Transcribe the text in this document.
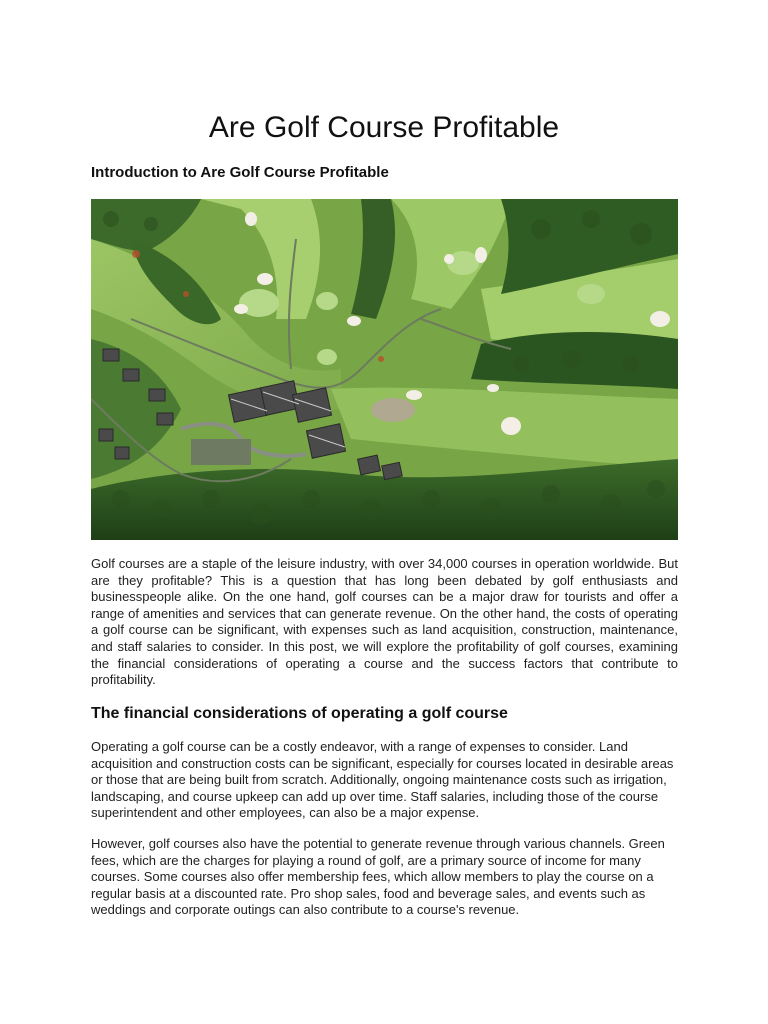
Are Golf Course Profitable
Introduction to Are Golf Course Profitable

Golf courses are a staple of the leisure industry, with over 34,000 courses in operation worldwide. But are they profitable? This is a question that has long been debated by golf enthusiasts and businesspeople alike. On the one hand, golf courses can be a major draw for tourists and offer a range of amenities and services that can generate revenue. On the other hand, the costs of operating a golf course can be significant, with expenses such as land acquisition, construction, maintenance, and staff salaries to consider. In this post, we will explore the profitability of golf courses, examining the financial considerations of operating a course and the success factors that contribute to profitability.

The financial considerations of operating a golf course

Operating a golf course can be a costly endeavor, with a range of expenses to consider. Land acquisition and construction costs can be significant, especially for courses located in desirable areas or those that are being built from scratch. Additionally, ongoing maintenance costs such as irrigation, landscaping, and course upkeep can add up over time. Staff salaries, including those of the course superintendent and other employees, can also be a major expense.

However, golf courses also have the potential to generate revenue through various channels. Green fees, which are the charges for playing a round of golf, are a primary source of income for many courses. Some courses also offer membership fees, which allow members to play the course on a regular basis at a discounted rate. Pro shop sales, food and beverage sales, and events such as weddings and corporate outings can also contribute to a course's revenue.
